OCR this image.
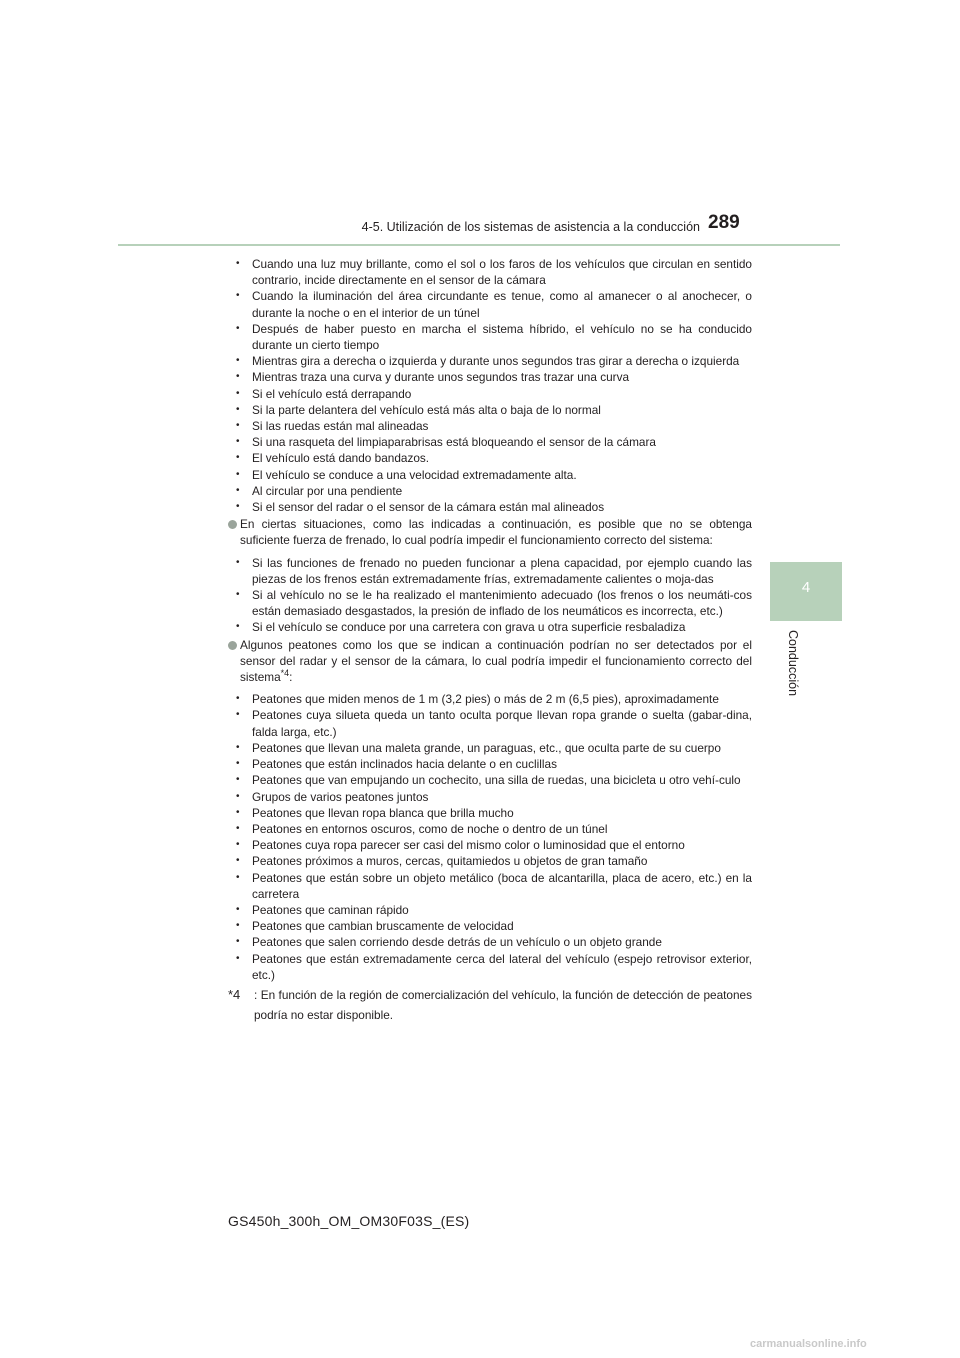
4-5. Utilización de los sistemas de asistencia a la conducción 289
4
Conducción
• Cuando una luz muy brillante, como el sol o los faros de los vehículos que circulan en sentido contrario, incide directamente en el sensor de la cámara
• Cuando la iluminación del área circundante es tenue, como al amanecer o al anochecer, o durante la noche o en el interior de un túnel
• Después de haber puesto en marcha el sistema híbrido, el vehículo no se ha conducido durante un cierto tiempo
• Mientras gira a derecha o izquierda y durante unos segundos tras girar a derecha o izquierda
• Mientras traza una curva y durante unos segundos tras trazar una curva
• Si el vehículo está derrapando
• Si la parte delantera del vehículo está más alta o baja de lo normal
• Si las ruedas están mal alineadas
• Si una rasqueta del limpiaparabrisas está bloqueando el sensor de la cámara
• El vehículo está dando bandazos.
• El vehículo se conduce a una velocidad extremadamente alta.
• Al circular por una pendiente
• Si el sensor del radar o el sensor de la cámara están mal alineados
En ciertas situaciones, como las indicadas a continuación, es posible que no se obtenga suficiente fuerza de frenado, lo cual podría impedir el funcionamiento correcto del sistema:
• Si las funciones de frenado no pueden funcionar a plena capacidad, por ejemplo cuando las piezas de los frenos están extremadamente frías, extremadamente calientes o moja-das
• Si al vehículo no se le ha realizado el mantenimiento adecuado (los frenos o los neumáti-cos están demasiado desgastados, la presión de inflado de los neumáticos es incorrecta, etc.)
• Si el vehículo se conduce por una carretera con grava u otra superficie resbaladiza
Algunos peatones como los que se indican a continuación podrían no ser detectados por el sensor del radar y el sensor de la cámara, lo cual podría impedir el funcionamiento correcto del sistema$^{*4}$:
• Peatones que miden menos de 1 m (3,2 pies) o más de 2 m (6,5 pies), aproximadamente
• Peatones cuya silueta queda un tanto oculta porque llevan ropa grande o suelta (gabar-dina, falda larga, etc.)
• Peatones que llevan una maleta grande, un paraguas, etc., que oculta parte de su cuerpo
• Peatones que están inclinados hacia delante o en cuclillas
• Peatones que van empujando un cochecito, una silla de ruedas, una bicicleta u otro vehí-culo
• Grupos de varios peatones juntos
• Peatones que llevan ropa blanca que brilla mucho
• Peatones en entornos oscuros, como de noche o dentro de un túnel
• Peatones cuya ropa parecer ser casi del mismo color o luminosidad que el entorno
• Peatones próximos a muros, cercas, quitamiedos u objetos de gran tamaño
• Peatones que están sobre un objeto metálico (boca de alcantarilla, placa de acero, etc.) en la carretera
• Peatones que caminan rápido
• Peatones que cambian bruscamente de velocidad
• Peatones que salen corriendo desde detrás de un vehículo o un objeto grande
• Peatones que están extremadamente cerca del lateral del vehículo (espejo retrovisor exterior, etc.)
*4 : En función de la región de comercialización del vehículo, la función de detección de peatones podría no estar disponible.
GS450h_300h_OM_OM30F03S_(ES)
carmanualsonline.info
